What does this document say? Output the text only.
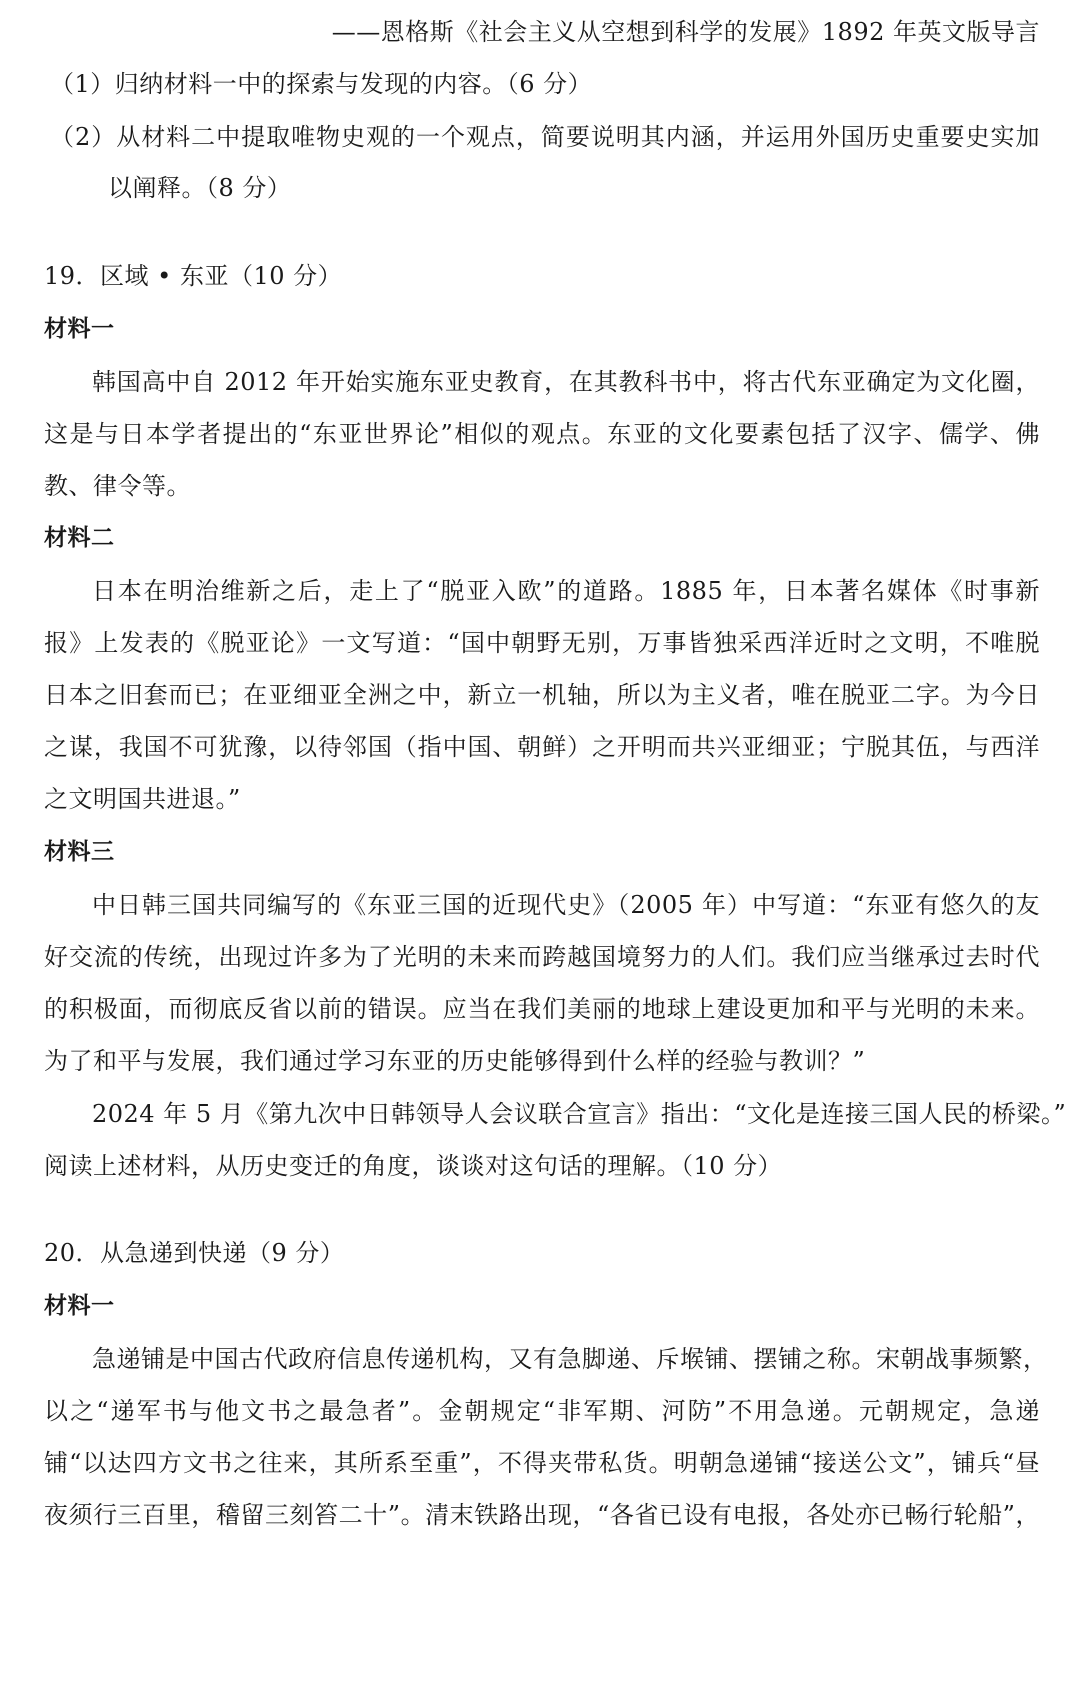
——恩格斯《社会主义从空想到科学的发展》1892 年英文版导言
（1）归纳材料一中的探索与发现的内容。（6 分）
（2）从材料二中提取唯物史观的一个观点，简要说明其内涵，并运用外国历史重要史实加
以阐释。（8 分）
19．区域 • 东亚（10 分）
材料一
韩国高中自 2012 年开始实施东亚史教育，在其教科书中，将古代东亚确定为文化圈，
这是与日本学者提出的“东亚世界论”相似的观点。东亚的文化要素包括了汉字、儒学、佛
教、律令等。
材料二
日本在明治维新之后，走上了“脱亚入欧”的道路。1885 年，日本著名媒体《时事新
报》上发表的《脱亚论》一文写道：“国中朝野无别，万事皆独采西洋近时之文明，不唯脱
日本之旧套而已；在亚细亚全洲之中，新立一机轴，所以为主义者，唯在脱亚二字。为今日
之谋，我国不可犹豫，以待邻国（指中国、朝鲜）之开明而共兴亚细亚；宁脱其伍，与西洋
之文明国共进退。”
材料三
中日韩三国共同编写的《东亚三国的近现代史》（2005 年）中写道：“东亚有悠久的友
好交流的传统，出现过许多为了光明的未来而跨越国境努力的人们。我们应当继承过去时代
的积极面，而彻底反省以前的错误。应当在我们美丽的地球上建设更加和平与光明的未来。
为了和平与发展，我们通过学习东亚的历史能够得到什么样的经验与教训？”
2024 年 5 月《第九次中日韩领导人会议联合宣言》指出：“文化是连接三国人民的桥梁。”
阅读上述材料，从历史变迁的角度，谈谈对这句话的理解。（10 分）
20．从急递到快递（9 分）
材料一
急递铺是中国古代政府信息传递机构，又有急脚递、斥堠铺、摆铺之称。宋朝战事频繁，
以之“递军书与他文书之最急者”。金朝规定“非军期、河防”不用急递。元朝规定，急递
铺“以达四方文书之往来，其所系至重”，不得夹带私货。明朝急递铺“接送公文”，铺兵“昼
夜须行三百里，稽留三刻笞二十”。清末铁路出现，“各省已设有电报，各处亦已畅行轮船”，
